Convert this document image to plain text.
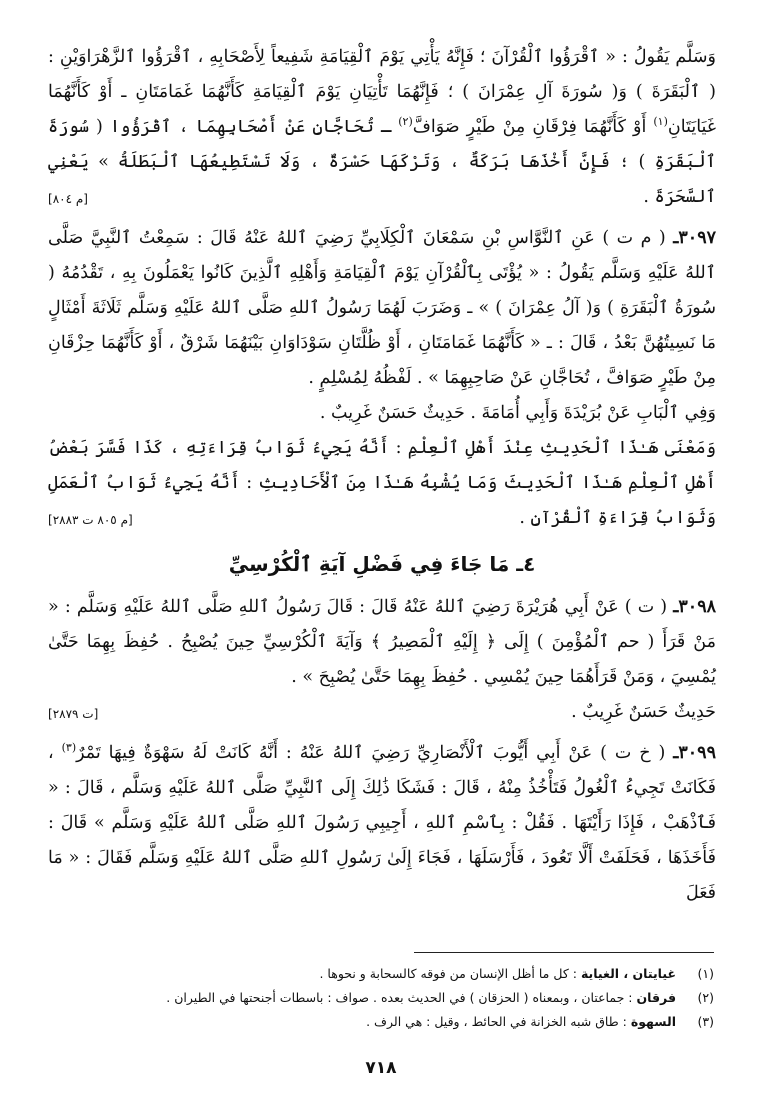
وَسَلَّم يَقُولُ : « ٱقْرَؤُوا ٱلْقُرْآنَ ؛ فَإِنَّهُ يَأْتِي يَوْمَ ٱلْقِيَامَةِ شَفِيعاً لِأَصْحَابِهِ ، ٱقْرَؤُوا ٱلزَّهْرَاوَيْنِ : ( ٱلْبَقَرَةَ ) وَ( سُورَةَ آلِ عِمْرَانَ ) ؛ فَإِنَّهُمَا تَأْتِيَانِ يَوْمَ ٱلْقِيَامَةِ كَأَنَّهُمَا غَمَامَتَانِ ـ أَوْ كَأَنَّهُمَا غَيَايَتَانِ$^{(١)}$ أَوْ كَأَنَّهُمَا فِرْقَانِ مِنْ طَيْرٍ صَوَافَّ$^{(٢)}$ ـ تُحَاجَّانِ عَنْ أَصْحَابِهِمَا ، ٱقْرَؤُوا ( سُورَةَ ٱلْبَقَرَةِ ) ؛ فَإِنَّ أَخْذَهَا بَرَكَةٌ ، وَتَرْكَهَا حَسْرَةٌ ، وَلَا تَسْتَطِيعُهَا ٱلْبَطَلَةُ » يَعْنِي ٱلسَّحَرَةَ .
[م ٨٠٤]

٣٠٩٧ـ ( م ت ) عَنِ ٱلنَّوَّاسِ بْنِ سَمْعَانَ ٱلْكِلَابِيِّ رَضِيَ ٱللهُ عَنْهُ قَالَ : سَمِعْتُ ٱلنَّبِيَّ صَلَّى ٱللهُ عَلَيْهِ وَسَلَّم يَقُولُ : « يُؤْتَى بِٱلْقُرْآنِ يَوْمَ ٱلْقِيَامَةِ وَأَهْلِهِ ٱلَّذِينَ كَانُوا يَعْمَلُونَ بِهِ ، تَقْدُمُهُ ( سُورَةُ ٱلْبَقَرَةِ ) وَ( آلُ عِمْرَانَ ) » ـ وَضَرَبَ لَهُمَا رَسُولُ ٱللهِ صَلَّى ٱللهُ عَلَيْهِ وَسَلَّم ثَلَاثَةَ أَمْثَالٍ مَا نَسِيتُهُنَّ بَعْدُ ، قَالَ : ـ « كَأَنَّهُمَا غَمَامَتَانِ ، أَوْ ظُلَّتَانِ سَوْدَاوَانِ بَيْنَهُمَا شَرْقٌ ، أَوْ كَأَنَّهُمَا حِزْقَانِ مِنْ طَيْرٍ صَوَافَّ ، تُحَاجَّانِ عَنْ صَاحِبِهِمَا » . لَفْظُهُ لِمُسْلِمٍ .

وَفِي ٱلْبَابِ عَنْ بُرَيْدَةَ وَأَبِي أُمَامَةَ . حَدِيثٌ حَسَنٌ غَرِيبٌ .

وَمَعْنَى هَـٰذَا ٱلْحَدِيثِ عِنْدَ أَهْلِ ٱلْعِلْمِ : أَنَّهُ يَجِيءُ ثَوَابُ قِرَاءَتِهِ ، كَذَا فَسَّرَ بَعْضُ أَهْلِ ٱلْعِلْمِ هَـٰذَا ٱلْحَدِيثَ وَمَا يُشْبِهُ هَـٰذَا مِنَ ٱلْأَحَادِيثِ : أَنَّهُ يَجِيءُ ثَوَابُ ٱلْعَمَلِ وَثَوَابُ قِرَاءَةِ ٱلْقُرْآنِ .
[م ٨٠٥ ت ٢٨٨٣]

٤ـ مَا جَاءَ فِي فَضْلِ آيَةِ ٱلْكُرْسِيِّ

٣٠٩٨ـ ( ت ) عَنْ أَبِي هُرَيْرَةَ رَضِيَ ٱللهُ عَنْهُ قَالَ : قَالَ رَسُولُ ٱللهِ صَلَّى ٱللهُ عَلَيْهِ وَسَلَّم : « مَنْ قَرَأَ ( حم ٱلْمُؤْمِنَ ) إِلَى ﴿ إِلَيْهِ ٱلْمَصِيرُ ﴾ وَآيَةَ ٱلْكُرْسِيِّ حِينَ يُصْبِحُ . حُفِظَ بِهِمَا حَتَّىٰ يُمْسِيَ ، وَمَنْ قَرَأَهُمَا حِينَ يُمْسِي . حُفِظَ بِهِمَا حَتَّىٰ يُصْبِحَ » .

حَدِيثٌ حَسَنٌ غَرِيبٌ .
[ت ٢٨٧٩]

٣٠٩٩ـ ( خ ت ) عَنْ أَبِي أَيُّوبَ ٱلْأَنْصَارِيِّ رَضِيَ ٱللهُ عَنْهُ : أَنَّهُ كَانَتْ لَهُ سَهْوَةٌ فِيهَا تَمْرٌ$^{(٣)}$ ، فَكَانَتْ تَجِيءُ ٱلْغُولُ فَتَأْخُذُ مِنْهُ ، قَالَ : فَشَكَا ذَٰلِكَ إِلَى ٱلنَّبِيِّ صَلَّى ٱللهُ عَلَيْهِ وَسَلَّم ، قَالَ : « فَٱذْهَبْ ، فَإِذَا رَأَيْتَهَا . فَقُلْ : بِٱسْمِ ٱللهِ ، أَجِيبِي رَسُولَ ٱللهِ صَلَّى ٱللهُ عَلَيْهِ وَسَلَّم » قَالَ : فَأَخَذَهَا ، فَحَلَفَتْ أَلَّا تَعُودَ ، فَأَرْسَلَهَا ، فَجَاءَ إِلَىٰ رَسُولِ ٱللهِ صَلَّى ٱللهُ عَلَيْهِ وَسَلَّم فَقَالَ : « مَا فَعَلَ

(١) غيايتان ، الغياية : كل ما أظل الإنسان من فوقه كالسحابة و نحوها .
(٢) فرقان : جماعتان ، وبمعناه ( الحزقان ) في الحديث بعده . صواف : باسطات أجنحتها في الطيران .
(٣) السهوة : طاق شبه الخزانة في الحائط ، وقيل : هي الرف .
٧١٨
